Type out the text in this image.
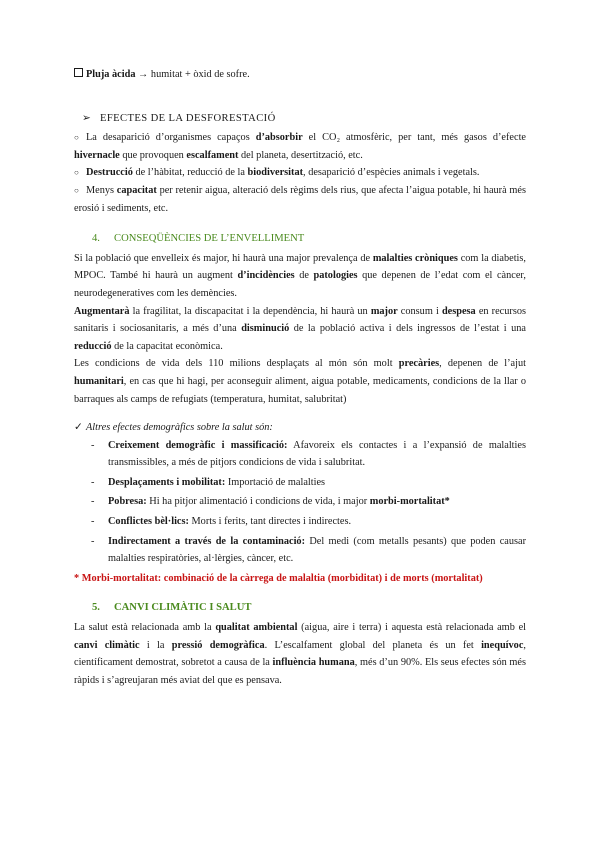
Pluja àcida → humitat + òxid de sofre.

➢ EFECTES DE LA DESFORESTACIÓ

○ La desaparició d’organismes capaços d’absorbir el CO₂ atmosfèric, per tant, més gasos d’efecte hivernacle que provoquen escalfament del planeta, desertització, etc.

○ Destrucció de l’hàbitat, reducció de la biodiversitat, desaparició d’espècies animals i vegetals.

○ Menys capacitat per retenir aigua, alteració dels règims dels rius, que afecta l’aigua potable, hi haurà més erosió i sediments, etc.

4. CONSEQÜÈNCIES DE L’ENVELLIMENT

Si la població que envelleix és major, hi haurà una major prevalença de malalties cròniques com la diabetis, MPOC. També hi haurà un augment d’incidències de patologies que depenen de l’edat com el càncer, neurodegeneratives com les demències.

Augmentarà la fragilitat, la discapacitat i la dependència, hi haurà un major consum i despesa en recursos sanitaris i sociosanitaris, a més d’una disminució de la població activa i dels ingressos de l’estat i una reducció de la capacitat econòmica.

Les condicions de vida dels 110 milions desplaçats al món són molt precàries, depenen de l’ajut humanitari, en cas que hi hagi, per aconseguir aliment, aigua potable, medicaments, condicions de la llar o barraques als camps de refugiats (temperatura, humitat, salubritat)

✓ Altres efectes demogràfics sobre la salut són:

- Creixement demogràfic i massificació: Afavoreix els contactes i a l’expansió de malalties transmissibles, a més de pitjors condicions de vida i salubritat.
- Desplaçaments i mobilitat: Importació de malalties
- Pobresa: Hi ha pitjor alimentació i condicions de vida, i major morbi-mortalitat*
- Conflictes bèl·lics: Morts i ferits, tant directes i indirectes.
- Indirectament a través de la contaminació: Del medi (com metalls pesants) que poden causar malalties respiratòries, al·lèrgies, càncer, etc.

* Morbi-mortalitat: combinació de la càrrega de malaltia (morbiditat) i de morts (mortalitat)

5. CANVI CLIMÀTIC I SALUT

La salut està relacionada amb la qualitat ambiental (aigua, aire i terra) i aquesta està relacionada amb el canvi climàtic i la pressió demogràfica. L’escalfament global del planeta és un fet inequívoc, científicament demostrat, sobretot a causa de la influència humana, més d’un 90%. Els seus efectes són més ràpids i s’agreujaran més aviat del que es pensava.
